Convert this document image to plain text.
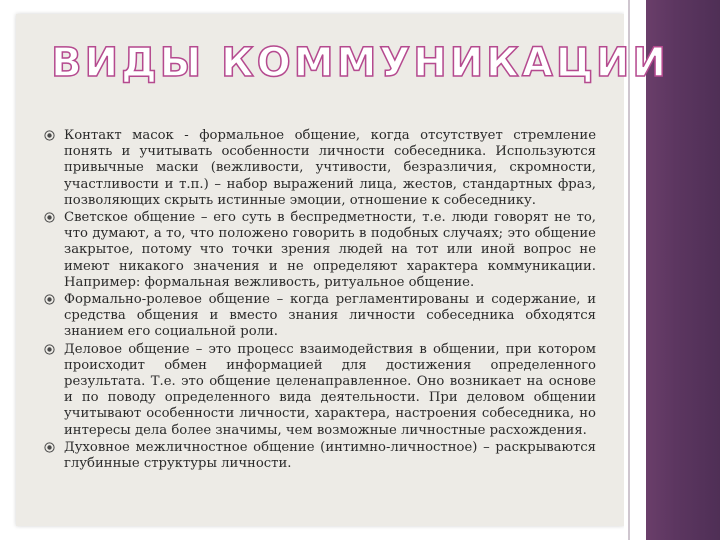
ВИДЫ КОММУНИКАЦИИ
Контакт масок - формальное общение, когда отсутствует стремление понять и учитывать особенности личности собеседника. Используются привычные маски (вежливости, учтивости, безразличия, скромности, участливости и т.п.) – набор выражений лица, жестов, стандартных фраз, позволяющих скрыть истинные эмоции, отношение к собеседнику.
Светское общение – его суть в беспредметности, т.е. люди говорят не то, что думают, а то, что положено говорить в подобных случаях; это общение закрытое, потому что точки зрения людей на тот или иной вопрос не имеют никакого значения и не определяют характера коммуникации. Например: формальная вежливость, ритуальное общение.
Формально-ролевое общение – когда регламентированы и содержание, и средства общения и вместо знания личности собеседника обходятся знанием его социальной роли.
Деловое общение – это процесс взаимодействия в общении, при котором происходит обмен информацией для достижения определенного результата. Т.е. это общение целенаправленное. Оно возникает на основе и по поводу определенного вида деятельности. При деловом общении учитывают особенности личности, характера, настроения собеседника, но интересы дела более значимы, чем возможные личностные расхождения.
Духовное межличностное общение (интимно-личностное) – раскрываются глубинные структуры личности.
